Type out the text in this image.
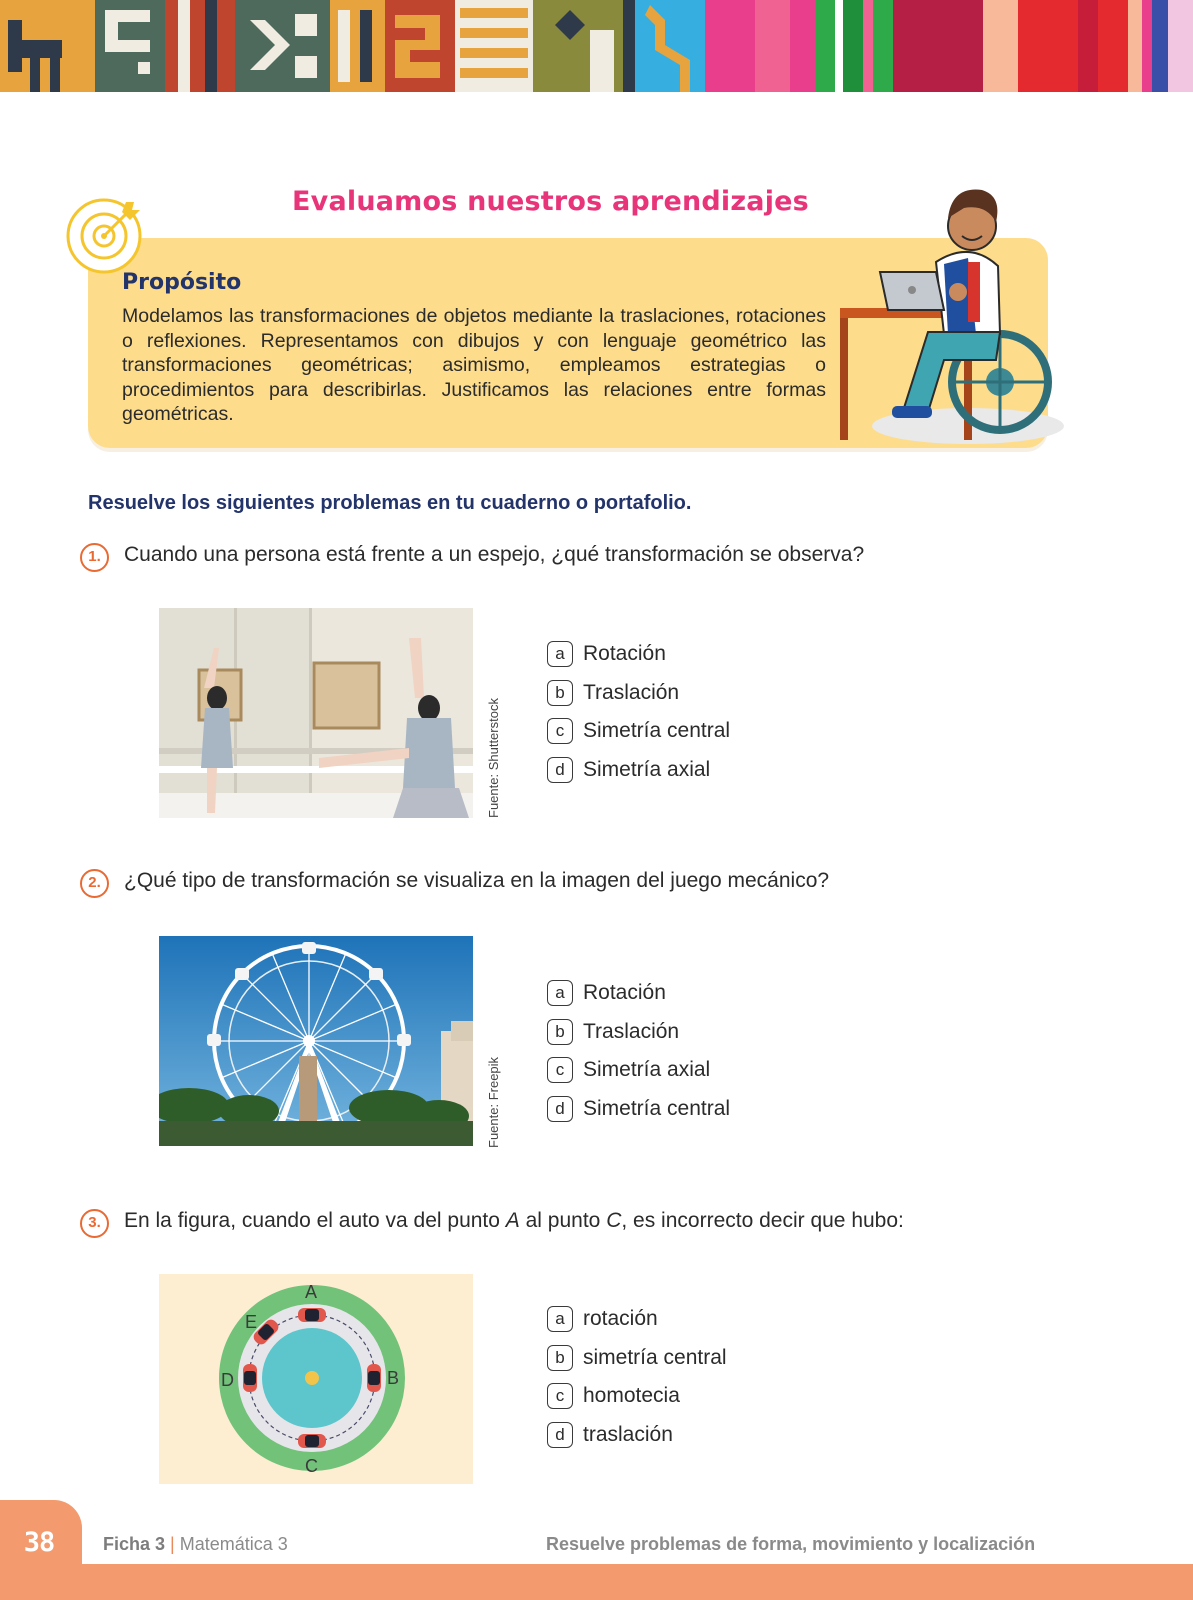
Evaluamos nuestros aprendizajes
Propósito
Modelamos las transformaciones de objetos mediante la traslaciones, rotaciones o reflexiones. Representamos con dibujos y con lenguaje geométrico las transformaciones geométricas; asimismo, empleamos estrategias o procedimientos para describirlas. Justificamos las relaciones entre formas geométricas.
Resuelve los siguientes problemas en tu cuaderno o portafolio.
1.	Cuando una persona está frente a un espejo, ¿qué transformación se observa?
Fuente: Shutterstock
a Rotación
b Traslación
c Simetría central
d Simetría axial
2.	¿Qué tipo de transformación se visualiza en la imagen del juego mecánico?
Fuente: Freepik
a Rotación
b Traslación
c Simetría axial
d Simetría central
3.	En la figura, cuando el auto va del punto A al punto C, es incorrecto decir que hubo:
A
B
C
D
E	a rotación
b simetría central
c homotecia
d traslación
38	Ficha 3 | Matemática 3	Resuelve problemas de forma, movimiento y localización
